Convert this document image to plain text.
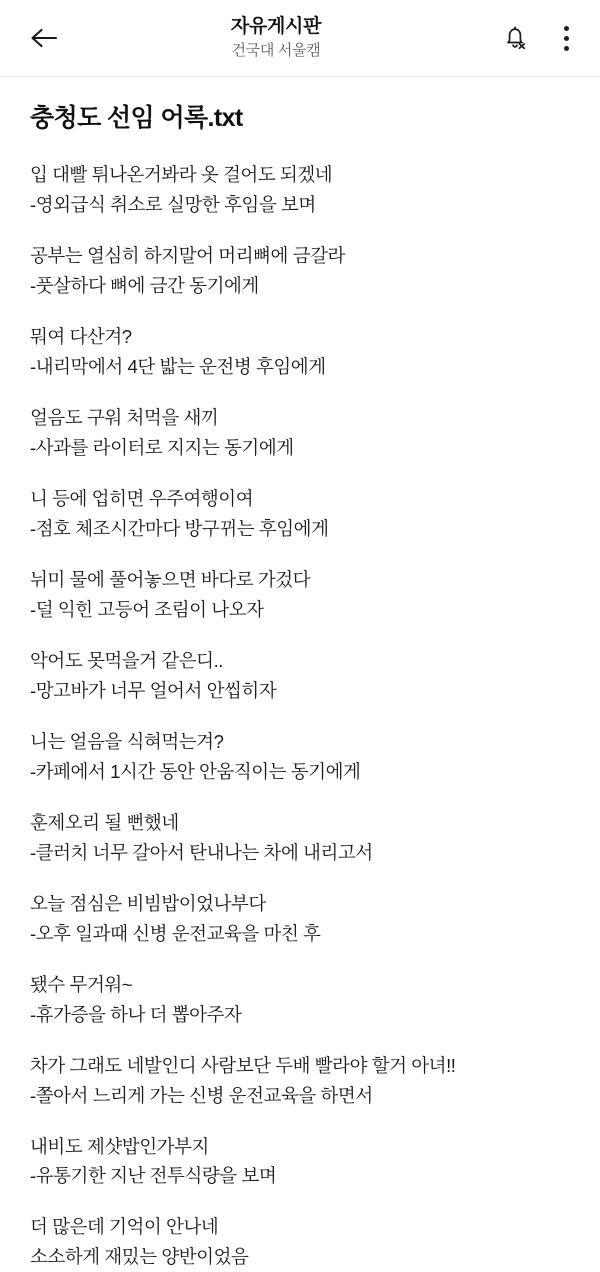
자유게시판
건국대 서울캠
충청도 선임 어록.txt
입 대빨 튀나온거봐라 옷 걸어도 되겠네
-영외급식 취소로 실망한 후임을 보며
공부는 열심히 하지말어 머리뼈에 금갈라
-풋살하다 뼈에 금간 동기에게
뭐여 다산겨?
-내리막에서 4단 밟는 운전병 후임에게
얼음도 구워 처먹을 새끼
-사과를 라이터로 지지는 동기에게
니 등에 업히면 우주여행이여
-점호 체조시간마다 방구뀌는 후임에게
뉘미 물에 풀어놓으면 바다로 가겄다
-덜 익힌 고등어 조림이 나오자
악어도 못먹을거 같은디..
-망고바가 너무 얼어서 안씹히자
니는 얼음을 식혀먹는겨?
-카페에서 1시간 동안 안움직이는 동기에게
훈제오리 될 뻔했네
-클러치 너무 갈아서 탄내나는 차에 내리고서
오늘 점심은 비빔밥이었나부다
-오후 일과때 신병 운전교육을 마친 후
됐수 무거워~
-휴가증을 하나 더 뽑아주자
차가 그래도 네발인디 사람보단 두배 빨라야 할거 아녀!!
-쫄아서 느리게 가는 신병 운전교육을 하면서
내비도 제샷밥인가부지
-유통기한 지난 전투식량을 보며
더 많은데 기억이 안나네
소소하게 재밌는 양반이었음
